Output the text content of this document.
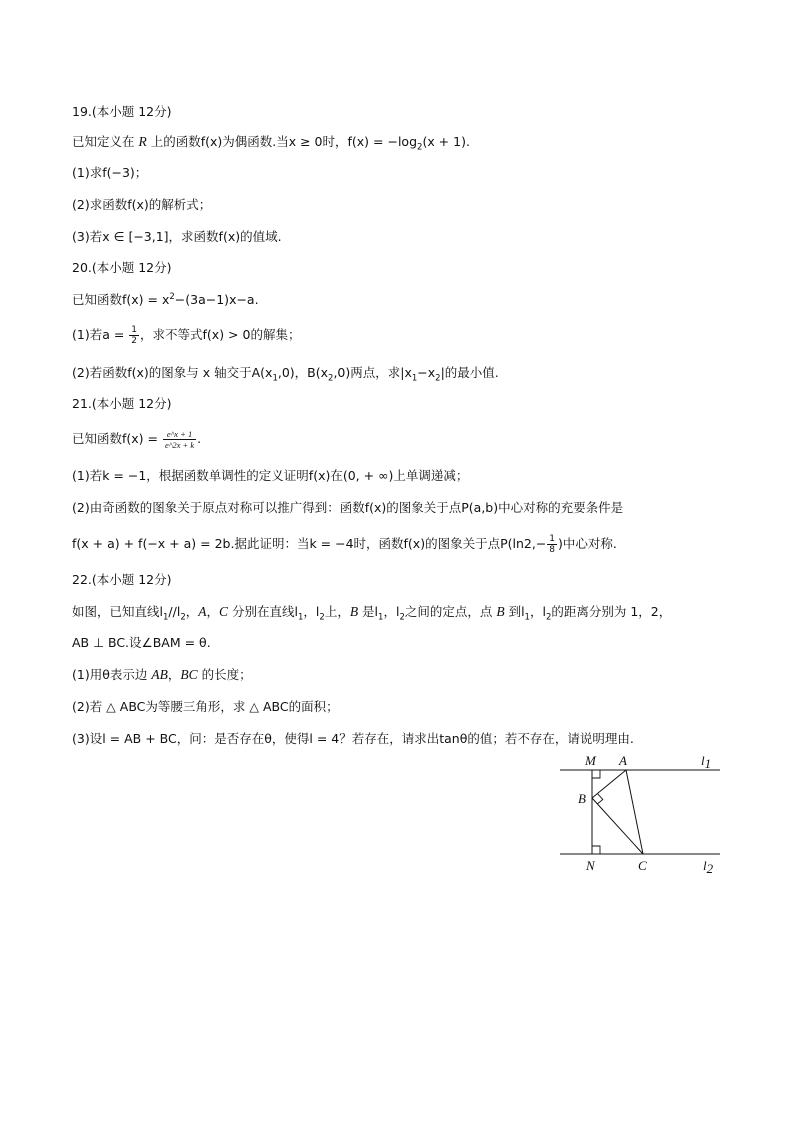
19.(本小题 12分)
已知定义在 R 上的函数f(x)为偶函数.当x ≥ 0时，$f(x) = -\log_2(x + 1)$.
(1)求f(−3)；
(2)求函数f(x)的解析式；
(3)若x ∈ [−3,1]，求函数f(x)的值域.
20.(本小题 12分)
已知函数$f(x) = x^2-(3a-1)x-a$.
(1)若$a = \frac{1}{2}$ ，求不等式f(x) > 0的解集；
(2)若函数f(x)的图象与 x 轴交于$A(x_1,0)$，$B(x_2,0)$两点，求$|x_1-x_2|$的最小值.
21.(本小题 12分)
已知函数$f(x) = \frac{e\^{}x + 1}{e\^{}2x + k}$ .
(1)若k = −1，根据函数单调性的定义证明f(x)在(0, + ∞)上单调递减；
(2)由奇函数的图象关于原点对称可以推广得到：函数f(x)的图象关于点P(a,b)中心对称的充要条件是
f(x + a) + f(−x + a) = 2b.据此证明：当k = −4时，函数f(x)的图象关于点$P(\ln 2,- \frac{1}{8}$ )中心对称.
22.(本小题 12分)
如图，已知直线$l_1//l_2$，A，C 分别在直线$l_1$，$l_2$上，B 是$l_1$，$l_2$之间的定点，点 B 到$l_1$，$l_2$的距离分别为 1，2，
AB ⊥ BC.设∠BAM = θ.
(1)用θ表示边 AB，BC 的长度；
(2)若 △ ABC为等腰三角形，求 △ ABC的面积；
(3)设l = AB + BC，问：是否存在θ，使得l = 4？若存在，请求出tanθ的值；若不存在，请说明理由.
M A
B
N	C
l1
l2
